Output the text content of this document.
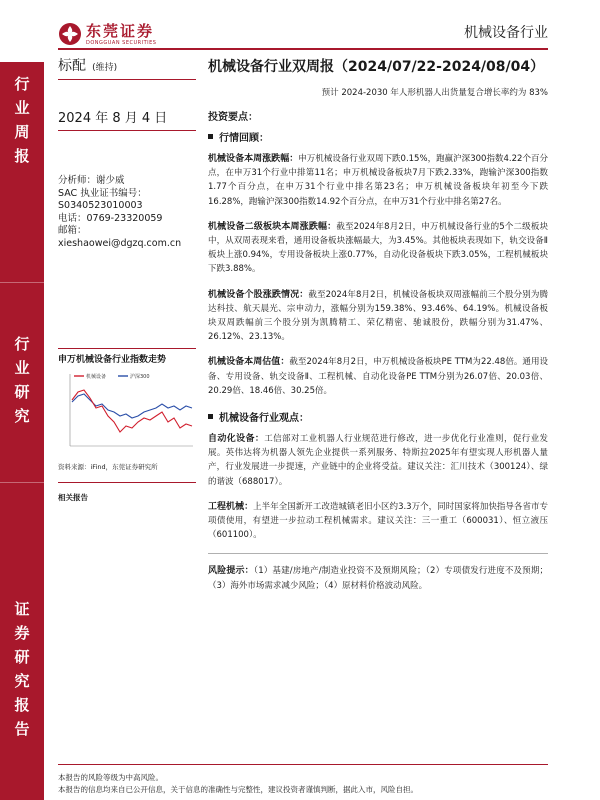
行
业
周
报
行
业
研
究
证
券
研
究
报
告
东莞证券
DONGGUAN SECURITIES
机械设备行业
标配 (维持)
2024 年 8 月 4 日
分析师：谢少威
SAC 执业证书编号：
S0340523010003
电话：0769-23320059
邮箱：
xieshaowei@dgzq.com.cn
申万机械设备行业指数走势
机械设备	沪深300
资料来源：iFind，东莞证券研究所
相关报告
机械设备行业双周报（2024/07/22-2024/08/04）
预计 2024-2030 年人形机器人出货量复合增长率约为 83%
投资要点：
行情回顾：

机械设备本周涨跌幅：申万机械设备行业双周下跌0.15%，跑赢沪深300指数4.22个百分点，在申万31个行业中排第11名；申万机械设备板块7月下跌2.33%，跑输沪深300指数1.77个百分点，在申万31个行业中排名第23名；申万机械设备板块年初至今下跌16.28%，跑输沪深300指数14.92个百分点，在申万31个行业中排名第27名。

机械设备二级板块本周涨跌幅：截至2024年8月2日，申万机械设备行业的5个二级板块中，从双周表现来看，通用设备板块涨幅最大，为3.45%。其他板块表现如下，轨交设备Ⅱ板块上涨0.94%，专用设备板块上涨0.77%，自动化设备板块下跌3.05%，工程机械板块下跌3.88%。

机械设备个股涨跌情况：截至2024年8月2日，机械设备板块双周涨幅前三个股分别为腾达科技、航天晨光、宗申动力，涨幅分别为159.38%、93.46%、64.19%。机械设备板块双周跌幅前三个股分别为凯腾精工、荣亿精密、驰诚股份，跌幅分别为31.47%、26.12%、23.13%。

机械设备本周估值：截至2024年8月2日，申万机械设备板块PE TTM为22.48倍。通用设备、专用设备、轨交设备Ⅱ、工程机械、自动化设备PE TTM分别为26.07倍、20.03倍、20.29倍、18.46倍、30.25倍。

机械设备行业观点：

自动化设备：工信部对工业机器人行业规范进行修改，进一步优化行业准则，促行业发展。英伟达将为机器人领先企业提供一系列服务、特斯拉2025年有望实现人形机器人量产，行业发展进一步提速，产业链中的企业将受益。建议关注：汇川技术（300124）、绿的谐波（688017）。

工程机械：上半年全国新开工改造城镇老旧小区约3.3万个，同时国家将加快指导各省市专项债使用，有望进一步拉动工程机械需求。建议关注：三一重工（600031）、恒立液压（601100）。

风险提示：（1）基建/房地产/制造业投资不及预期风险；（2）专项债发行进度不及预期；（3）海外市场需求减少风险；（4）原材料价格波动风险。

本报告的风险等级为中高风险。
本报告的信息均来自已公开信息，关于信息的准确性与完整性，建议投资者谨慎判断，据此入市，风险自担。
